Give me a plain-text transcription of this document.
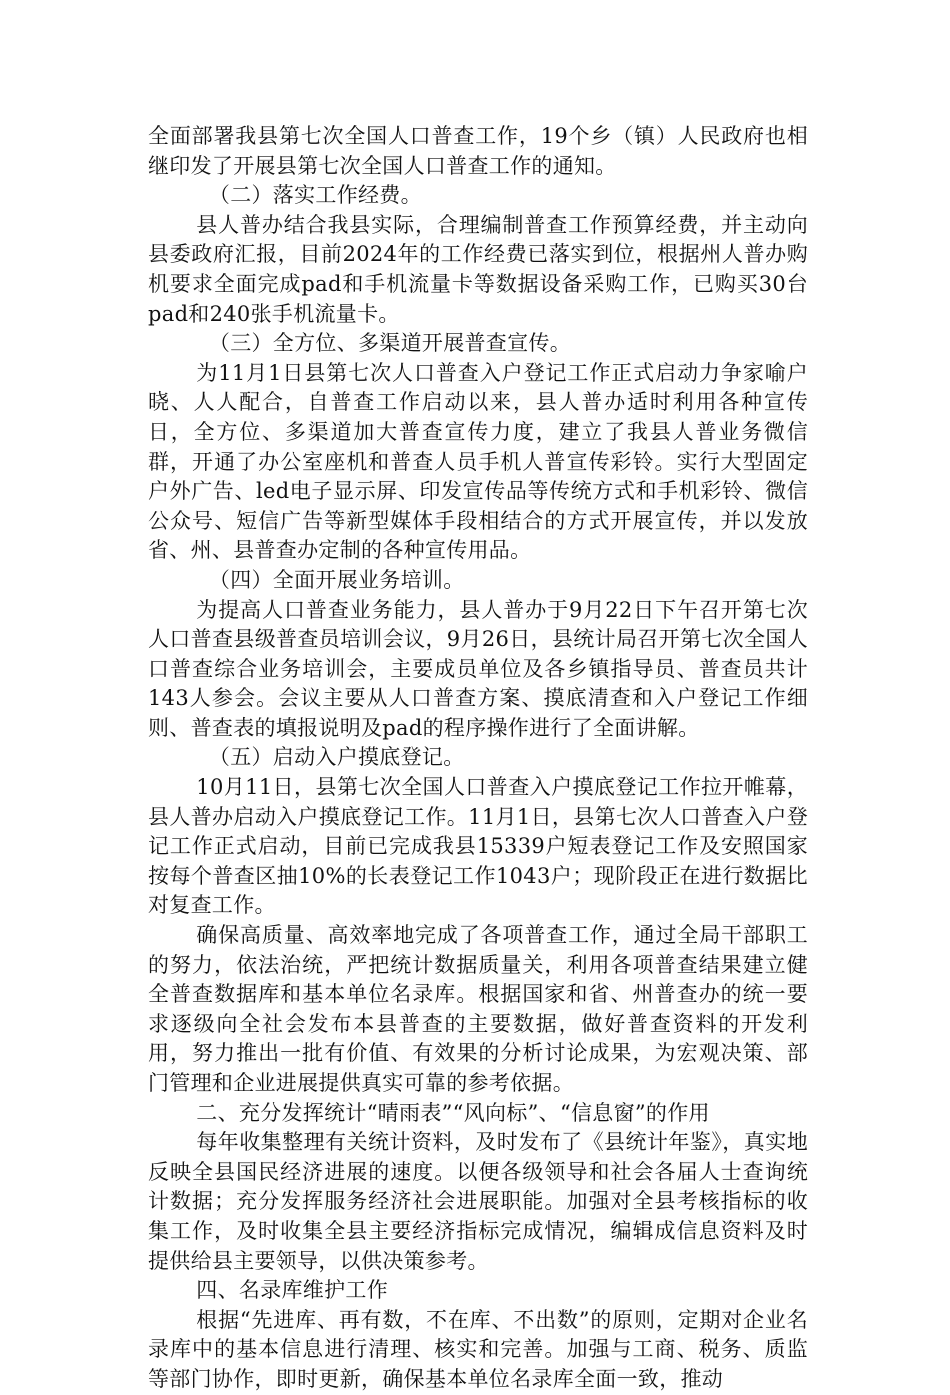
全面部署我县第七次全国人口普查工作，19个乡（镇）人民政府也相继印发了开展县第七次全国人口普查工作的通知。

（二）落实工作经费。

县人普办结合我县实际，合理编制普查工作预算经费，并主动向县委政府汇报，目前2024年的工作经费已落实到位，根据州人普办购机要求全面完成pad和手机流量卡等数据设备采购工作，已购买30台pad和240张手机流量卡。

（三）全方位、多渠道开展普查宣传。

为11月1日县第七次人口普查入户登记工作正式启动力争家喻户晓、人人配合，自普查工作启动以来，县人普办适时利用各种宣传日，全方位、多渠道加大普查宣传力度，建立了我县人普业务微信群，开通了办公室座机和普查人员手机人普宣传彩铃。实行大型固定户外广告、led电子显示屏、印发宣传品等传统方式和手机彩铃、微信公众号、短信广告等新型媒体手段相结合的方式开展宣传，并以发放省、州、县普查办定制的各种宣传用品。

（四）全面开展业务培训。

为提高人口普查业务能力，县人普办于9月22日下午召开第七次人口普查县级普查员培训会议，9月26日，县统计局召开第七次全国人口普查综合业务培训会，主要成员单位及各乡镇指导员、普查员共计143人参会。会议主要从人口普查方案、摸底清查和入户登记工作细则、普查表的填报说明及pad的程序操作进行了全面讲解。

（五）启动入户摸底登记。

10月11日，县第七次全国人口普查入户摸底登记工作拉开帷幕，县人普办启动入户摸底登记工作。11月1日，县第七次人口普查入户登记工作正式启动，目前已完成我县15339户短表登记工作及安照国家按每个普查区抽10%的长表登记工作1043户；现阶段正在进行数据比对复查工作。

确保高质量、高效率地完成了各项普查工作，通过全局干部职工的努力，依法治统，严把统计数据质量关，利用各项普查结果建立健全普查数据库和基本单位名录库。根据国家和省、州普查办的统一要求逐级向全社会发布本县普查的主要数据，做好普查资料的开发利用，努力推出一批有价值、有效果的分析讨论成果，为宏观决策、部门管理和企业进展提供真实可靠的参考依据。

二、充分发挥统计“晴雨表”“风向标”、“信息窗”的作用

每年收集整理有关统计资料，及时发布了《县统计年鉴》，真实地反映全县国民经济进展的速度。以便各级领导和社会各届人士查询统计数据；充分发挥服务经济社会进展职能。加强对全县考核指标的收集工作，及时收集全县主要经济指标完成情况，编辑成信息资料及时提供给县主要领导，以供决策参考。

四、名录库维护工作

根据“先进库、再有数，不在库、不出数”的原则，定期对企业名录库中的基本信息进行清理、核实和完善。加强与工商、税务、质监等部门协作，即时更新，确保基本单位名录库全面一致，推动
